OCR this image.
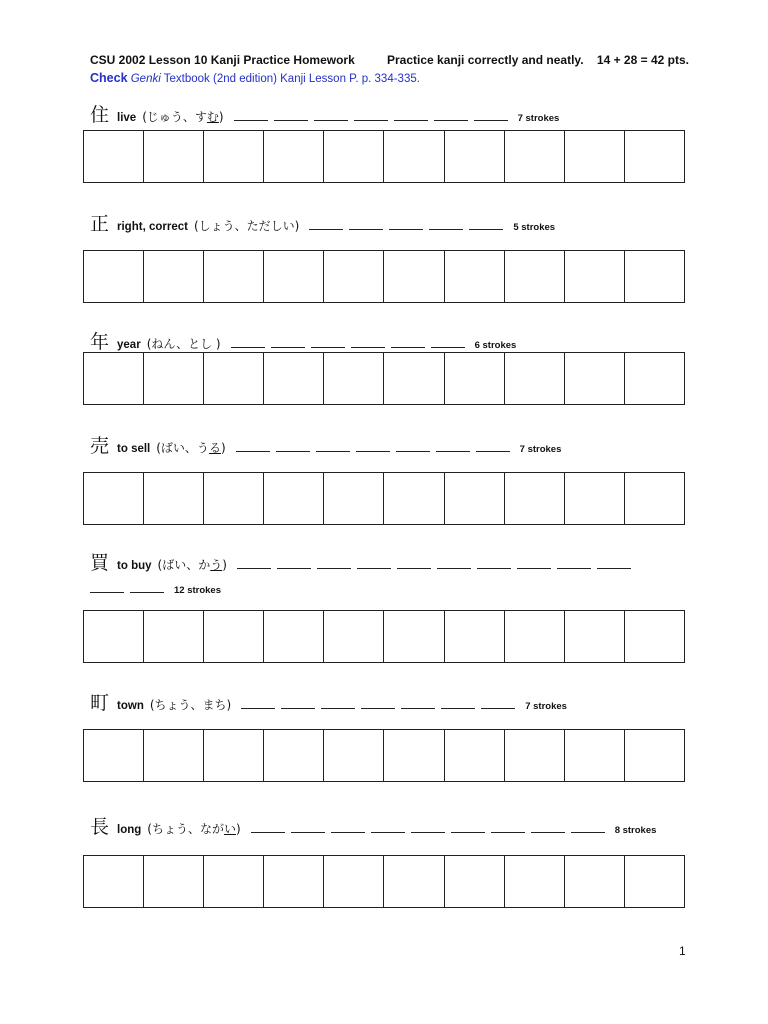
CSU 2002 Lesson 10 Kanji Practice Homework	Practice kanji correctly and neatly. 14 + 28 = 42 pts.
Check Genki Textbook (2nd edition) Kanji Lesson P. p. 334-335.
住 live (じゅう、すむ)	7 strokes
正 right, correct (しょう、ただしい)	5 strokes
年 year (ねん、とし )	6 strokes
売 to sell (ばい、うる)	7 strokes
買 to buy (ばい、かう)
町 town (ちょう、まち)	7 strokes
長 long (ちょう、ながい)	8 strokes
12 strokes
1
